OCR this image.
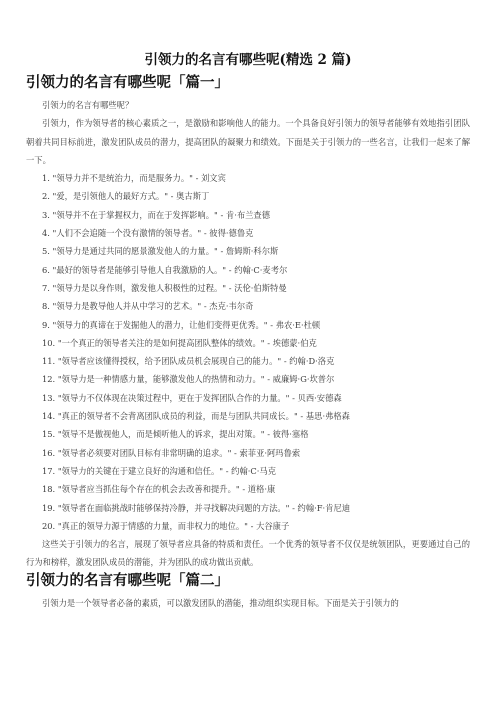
引领力的名言有哪些呢(精选 2 篇)
引领力的名言有哪些呢「篇一」

引领力的名言有哪些呢？

引领力，作为领导者的核心素质之一，是激励和影响他人的能力。一个具备良好引领力的领导者能够有效地指引团队朝着共同目标前进，激发团队成员的潜力，提高团队的凝聚力和绩效。下面是关于引领力的一些名言，让我们一起来了解一下。

1. "领导力并不是统治力，而是服务力。" - 刘文宾
2. "爱，是引领他人的最好方式。" - 奥古斯丁
3. "领导并不在于掌握权力，而在于发挥影响。" - 肯·布兰查德
4. "人们不会追随一个没有激情的领导者。" - 彼得·德鲁克
5. "领导力是通过共同的愿景激发他人的力量。" - 詹姆斯·科尔斯
6. "最好的领导者是能够引导他人自我激励的人。" - 约翰·C·麦考尔
7. "领导力是以身作则，激发他人积极性的过程。" - 沃伦·伯斯特曼
8. "领导力是教导他人并从中学习的艺术。" - 杰克·韦尔奇
9. "领导力的真谛在于发掘他人的潜力，让他们变得更优秀。" - 弗农·E·杜顿
10. "一个真正的领导者关注的是如何提高团队整体的绩效。" - 埃德蒙·伯克
11. "领导者应该懂得授权，给予团队成员机会展现自己的能力。" - 约翰·D·洛克
12. "领导力是一种情感力量，能够激发他人的热情和动力。" - 威廉姆·G·坎普尔
13. "领导力不仅体现在决策过程中，更在于发挥团队合作的力量。" - 贝西·安德森
14. "真正的领导者不会背离团队成员的利益，而是与团队共同成长。" - 基思·弗格森
15. "领导不是傲视他人，而是倾听他人的诉求，提出对策。" - 彼得·塞格
16. "领导者必须要对团队目标有非常明确的追求。" - 索菲亚·阿玛鲁索
17. "领导力的关键在于建立良好的沟通和信任。" - 约翰·C·马克
18. "领导者应当抓住每个存在的机会去改善和提升。" - 道格·康
19. "领导者在面临挑战时能够保持冷静，并寻找解决问题的方法。" - 约翰·F·肯尼迪
20. "真正的领导力源于情感的力量，而非权力的地位。" - 大谷康子

这些关于引领力的名言，展现了领导者应具备的特质和责任。一个优秀的领导者不仅仅是统领团队，更要通过自己的行为和榜样，激发团队成员的潜能，并为团队的成功做出贡献。

引领力的名言有哪些呢「篇二」

引领力是一个领导者必备的素质，可以激发团队的潜能，推动组织实现目标。下面是关于引领力的
